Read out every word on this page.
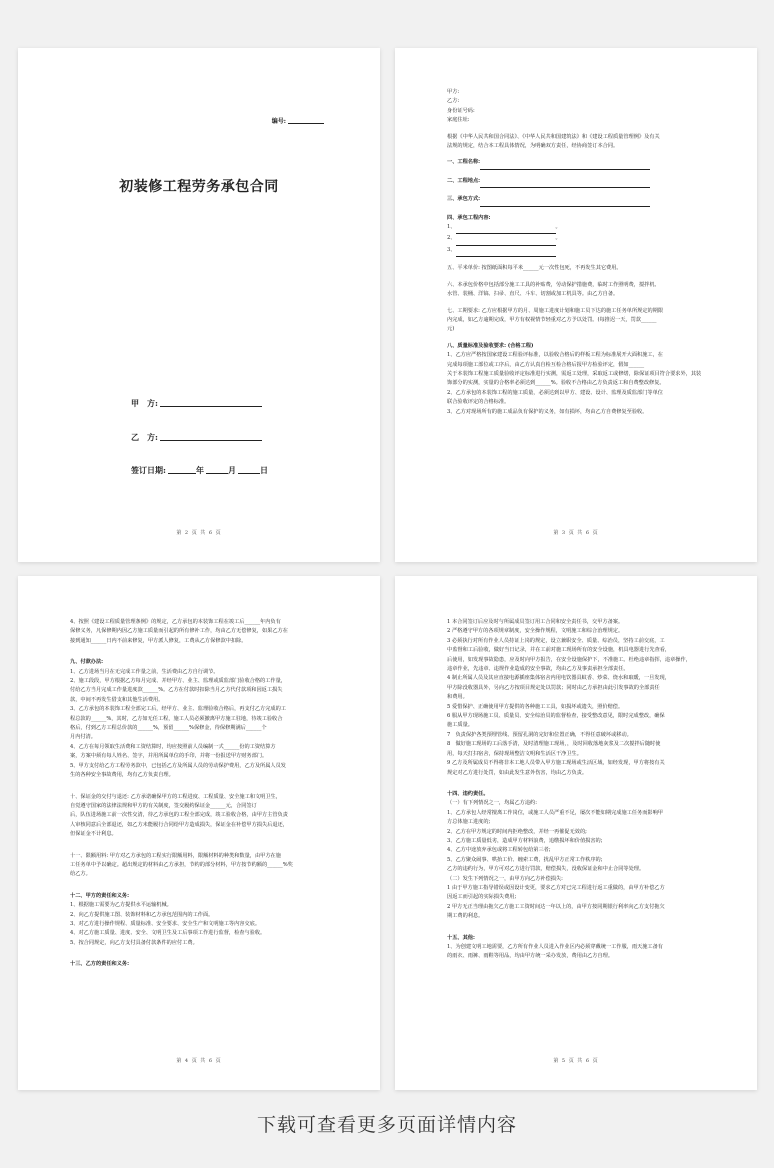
编号:
初装修工程劳务承包合同
甲　方:
乙　方:
签订日期:	年	月	日
第 2 页 共 6 页

甲方:

乙方:

身份证号码:

家庭住址:

根据《中华人民共和国合同法》、《中华人民共和国建筑法》和《建设工程质量管理例》及有关

法规的规定，结合本工程具体情况，为明确双方责任，经协商签订本合同。

一、工程名称:

二、工程地点:

三、承包方式:

四、承包工程内容:

1、	。

2、	。

3、

五、平米单价: 按图纸面积每平米______元一次性包死，不再发生其它费用。

六、本承包价格中包括部分施工工具的补贴费，劳动保护措施费，临时工作照明费，搅拌机、

水管、装桶、洋镐、扫帚、直尺、斗车、切割或加工机具等。由乙方自备。

七、工期要求: 乙方应根据甲方的月、周施工进度计划和施工员下达的施工任务单所规定的期限

内完成，如乙方逾期完成，甲方有权视情节轻重对乙方予以处罚。(每推迟一天，罚款______

元)

八、质量标准及验收要求: (合格工程)

1、乙方应严格按国家建设工程验评标准，以验收合格后的样板工程为标准展开大面积施工，在

完成每项施工部位或工序后，由乙方认真自检互检合格后报甲方检验评定，假如______

关于本装饰工程施工质量验收评定标准进行实测，需返工处理，采取返工或修缮，除保证项目符合要求外，其装

饰部分的实测，实量的合格率必须达到______%。验收不合格由乙方负责返工和自费整改修复。

2、乙方承包的本装饰工程的施工质量，必须达到以甲方、建设、设计、监理及质监部门等单位

联合验收评定的合格标准。

3、乙方对现场所有的施工成品负有保护的义务，如有损坏，均由乙方自费修复至验收。

第 3 页 共 6 页

4、按照《建设工程质量管理条例》的规定，乙方承包的本装饰工程在竣工后______年内负有

保修义务，凡保修期内因乙方施工质量而引起的所有修补工作，均由乙方无偿修复，如果乙方在

接到通知______日内不前来修复，甲方派人修复，工费从乙方保修款中扣除。

九、付款办法:

1、乙方进场当月在无完成工作量之前，生活费由乙方自行调节。

2、施工段段，甲方根据乙方每月完成、并经甲方、业主、监理或质监部门验收合格的工作量，

付给乙方当月完成工作量进度款______%。乙方在付款时扣除当月乙方代付款项和因返工损失

款，中间不再发生借支和其他生活费用。

3、乙方承包的本装饰工程全部完工后，经甲方、业主、监理验收合格后，再支付乙方完成的工

程总款的______%，其时，乙方如无任工程，施工人员必须撤离甲方施工驻地，待竣工验收合

格后，付到乙方工程总价款的______%，预留______%保修金，待保修期满后______个

月内付清。

4、乙方在每月领取生活费和工资结算时，均应按照前人员编制一式______份的工资结算方

案，方案中须有每人姓名、签字，并用所属单位的手印，并将一份报送甲方财务部门。

5、甲方支付给乙方工程劳务款中，已包括乙方及所属人员的劳动保护费用，乙方及所属人员发

生的各种安全事故费用，均有乙方负责自理。

十、保证金的交付与退还: 乙方承诺确保甲方的工程进度、工程质量、安全施工和文明卫生，

自觉遵守国家的法律法规和甲方的有关制度，签交履约保证金______元，合同签订

后，队伍进场施工前一次性交清，待乙方承包的工程全部完成，竣工验收合格，由甲方主管负责

人审核同意后全部退还，如乙方未能履行合同给甲方造成损失，保证金在补偿甲方损失后退还，

但保证金不计利息。

十一、限额用料: 甲方对乙方承包的工程实行限额用料，限额材料的种类和数量，由甲方在施

工任务单中予以确定。超出规定的材料由乙方承担，节约的部分材料，甲方按节约额的______%奖

给乙方。

十二、甲方的责任和义务:

1、根据施工需要为乙方提供水平运输机械。

2、向乙方提供施工图、装饰材料和乙方承包范围内的工作面。

3、对乙方进行操作规程、质量标准、安全要求、安全生产和文明施工等内容交底。

4、对乙方施工质量、进度、安全、文明卫生及工后事项工作进行监督，检查与验收。

5、按合同规定，向乙方支付具备付款条件的应付工费。

十三、乙方的责任和义务:

第 4 页 共 6 页

1 本合同签订后应及时与所属成员签订用工合同和安全责任书，交甲方备案。

2 严格遵守甲方的各项规章制度，安全操作规程，文明施工和综合治理规定。

3 必须执行对所有作业人员持证上岗的规定，设立兼职安全、质量、综治员，坚持工前交底，工

中监督和工后验收，做好当日记录，并在工前对施工现场所有的安全设施，机具电器进行先查看，

后使用，如发现事故隐患，应及时向甲方报告，在安全设施保护下，不准施工。杜绝违章指挥，违章操作，

违章作业，先违章、违规作业造成的安全事故，均由乙方及事责承担全部责任。

4 制止所属人员及其应直接电源插座集体宿舍内用电饮器具蚊香、炒菜、烧水和取暖，一旦发现，

甲方除没收器具外，另向乙方按项目规定处以罚款；同时由乙方承担由此引发事故的全部责任

和费用。

5 爱惜保护、正确使用甲方提供的各种施工工具，如损坏或遗失，照价赔偿。

6 服从甲方现场施工员、质量员、安全综治员的监督检查，接受整改意见，限时完成整改，确保

施工质量。

7　负责保护各类预埋管线、预留孔洞的完好和位置正确，不得任意破坏或移动。

8　做好施工现场的工后落手清，及时清理施工现场，，及时回收落地灰浆及二次搅拌后随时使

用，每天打扫宿舍，保持现场整洁文明和生活区干净卫生。

9 乙方及所属成员不得将非本工地人员带入甲方施工现场或生活区域，如经发现，甲方将按有关

规定对乙方进行处罚，如由此发生意外伤害，均由乙方负责。

十四、违约责任。

（一）有下列情况之一，均属乙方违约:

1、乙方承包人经常擅离工作岗位，或施工人员严重不足，屡次不能如期完成施工任务而影响甲

方总体施工进度的;

2、乙方在甲方规定的时间内拒绝整改，并经一再催促无效的;

3、乙方施工质量低劣，造成甲方材料浪费，追缴损坏和价值损害的;

4、乙方中途放弃承包或将工程转包给第三者;

5、乙方聚众闹事、哄抬工价、缠索工费，扰乱甲方正常工作秩序的;

乙方的违约行为，甲方可对乙方进行罚款，赔偿损失，没收保证金和中止合同等处理。

（二）发生下列情况之一，由甲方向乙方补偿损失:

1 由于甲方施工指导错误或因设计变更，要求乙方对已完工程进行返工重做的，由甲方补偿乙方

因返工而引起的实际损失费用;

2 甲方无正当理由拖欠乙方施工工资时间达一年以上的，由甲方按同期银行利率向乙方支付拖欠

期工费的利息。

十五、其他:

1、为创建文明工地需要，乙方所有作业人员进入作业区内必须穿戴统一工作服，雨天施工备有

的雨衣、雨裤、雨鞋等用品，均由甲方统一采办发放，费用由乙方自理。

第 5 页 共 6 页
下载可查看更多页面详情内容
